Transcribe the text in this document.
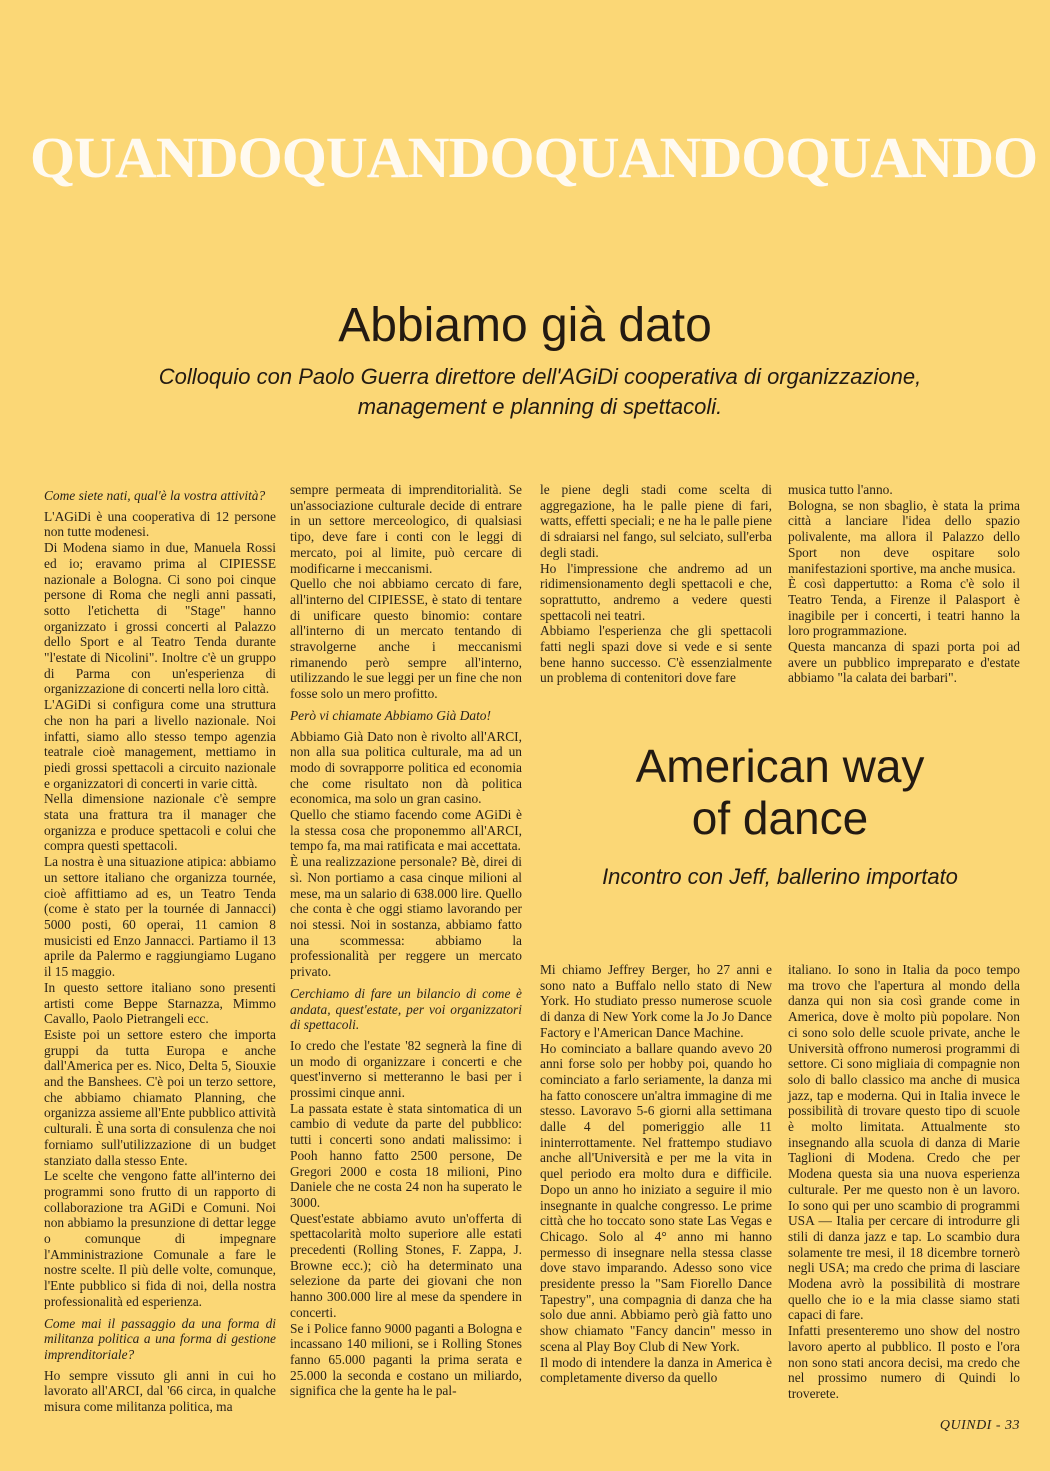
QUANDO QUANDO QUANDO QUANDO
Abbiamo già dato

Colloquio con Paolo Guerra direttore dell'AGiDi cooperativa di organizzazione, management e planning di spettacoli.

Come siete nati, qual'è la vostra attività?

L'AGiDi è una cooperativa di 12 persone non tutte modenesi.

Di Modena siamo in due, Manuela Rossi ed io; eravamo prima al CIPIESSE nazionale a Bologna. Ci sono poi cinque persone di Roma che negli anni passati, sotto l'etichetta di "Stage" hanno organizzato i grossi concerti al Palazzo dello Sport e al Teatro Tenda durante "l'estate di Nicolini". Inoltre c'è un gruppo di Parma con un'esperienza di organizzazione di concerti nella loro città.

L'AGiDi si configura come una struttura che non ha pari a livello nazionale. Noi infatti, siamo allo stesso tempo agenzia teatrale cioè management, mettiamo in piedi grossi spettacoli a circuito nazionale e organizzatori di concerti in varie città.

Nella dimensione nazionale c'è sempre stata una frattura tra il manager che organizza e produce spettacoli e colui che compra questi spettacoli.

La nostra è una situazione atipica: abbiamo un settore italiano che organizza tournée, cioè affittiamo ad es, un Teatro Tenda (come è stato per la tournée di Jannacci) 5000 posti, 60 operai, 11 camion 8 musicisti ed Enzo Jannacci. Partiamo il 13 aprile da Palermo e raggiungiamo Lugano il 15 maggio.

In questo settore italiano sono presenti artisti come Beppe Starnazza, Mimmo Cavallo, Paolo Pietrangeli ecc.

Esiste poi un settore estero che importa gruppi da tutta Europa e anche dall'America per es. Nico, Delta 5, Siouxie and the Banshees. C'è poi un terzo settore, che abbiamo chiamato Planning, che organizza assieme all'Ente pubblico attività culturali. È una sorta di consulenza che noi forniamo sull'utilizzazione di un budget stanziato dalla stesso Ente.

Le scelte che vengono fatte all'interno dei programmi sono frutto di un rapporto di collaborazione tra AGiDi e Comuni. Noi non abbiamo la presunzione di dettar legge o comunque di impegnare l'Amministrazione Comunale a fare le nostre scelte. Il più delle volte, comunque, l'Ente pubblico si fida di noi, della nostra professionalità ed esperienza.

Come mai il passaggio da una forma di militanza politica a una forma di gestione imprenditoriale?

Ho sempre vissuto gli anni in cui ho lavorato all'ARCI, dal '66 circa, in qualche misura come militanza politica, ma

sempre permeata di imprenditorialità. Se un'associazione culturale decide di entrare in un settore merceologico, di qualsiasi tipo, deve fare i conti con le leggi di mercato, poi al limite, può cercare di modificarne i meccanismi.

Quello che noi abbiamo cercato di fare, all'interno del CIPIESSE, è stato di tentare di unificare questo binomio: contare all'interno di un mercato tentando di stravolgerne anche i meccanismi rimanendo però sempre all'interno, utilizzando le sue leggi per un fine che non fosse solo un mero profitto.

Però vi chiamate Abbiamo Già Dato!

Abbiamo Già Dato non è rivolto all'ARCI, non alla sua politica culturale, ma ad un modo di sovrapporre politica ed economia che come risultato non dà politica economica, ma solo un gran casino.

Quello che stiamo facendo come AGiDi è la stessa cosa che proponemmo all'ARCI, tempo fa, ma mai ratificata e mai accettata.

È una realizzazione personale? Bè, direi di sì. Non portiamo a casa cinque milioni al mese, ma un salario di 638.000 lire. Quello che conta è che oggi stiamo lavorando per noi stessi. Noi in sostanza, abbiamo fatto una scommessa: abbiamo la professionalità per reggere un mercato privato.

Cerchiamo di fare un bilancio di come è andata, quest'estate, per voi organizzatori di spettacoli.

Io credo che l'estate '82 segnerà la fine di un modo di organizzare i concerti e che quest'inverno si metteranno le basi per i prossimi cinque anni.

La passata estate è stata sintomatica di un cambio di vedute da parte del pubblico: tutti i concerti sono andati malissimo: i Pooh hanno fatto 2500 persone, De Gregori 2000 e costa 18 milioni, Pino Daniele che ne costa 24 non ha superato le 3000.

Quest'estate abbiamo avuto un'offerta di spettacolarità molto superiore alle estati precedenti (Rolling Stones, F. Zappa, J. Browne ecc.); ciò ha determinato una selezione da parte dei giovani che non hanno 300.000 lire al mese da spendere in concerti.

Se i Police fanno 9000 paganti a Bologna e incassano 140 milioni, se i Rolling Stones fanno 65.000 paganti la prima serata e 25.000 la seconda e costano un miliardo, significa che la gente ha le pal-

le piene degli stadi come scelta di aggregazione, ha le palle piene di fari, watts, effetti speciali; e ne ha le palle piene di sdraiarsi nel fango, sul selciato, sull'erba degli stadi.

Ho l'impressione che andremo ad un ridimensionamento degli spettacoli e che, soprattutto, andremo a vedere questi spettacoli nei teatri.

Abbiamo l'esperienza che gli spettacoli fatti negli spazi dove si vede e si sente bene hanno successo. C'è essenzialmente un problema di contenitori dove fare

musica tutto l'anno.

Bologna, se non sbaglio, è stata la prima città a lanciare l'idea dello spazio polivalente, ma allora il Palazzo dello Sport non deve ospitare solo manifestazioni sportive, ma anche musica.

È così dappertutto: a Roma c'è solo il Teatro Tenda, a Firenze il Palasport è inagibile per i concerti, i teatri hanno la loro programmazione.

Questa mancanza di spazi porta poi ad avere un pubblico impreparato e d'estate abbiamo "la calata dei barbari".

American way
of dance

Incontro con Jeff, ballerino importato

Mi chiamo Jeffrey Berger, ho 27 anni e sono nato a Buffalo nello stato di New York. Ho studiato presso numerose scuole di danza di New York come la Jo Jo Dance Factory e l'American Dance Machine.

Ho cominciato a ballare quando avevo 20 anni forse solo per hobby poi, quando ho cominciato a farlo seriamente, la danza mi ha fatto conoscere un'altra immagine di me stesso. Lavoravo 5-6 giorni alla settimana dalle 4 del pomeriggio alle 11 ininterrottamente. Nel frattempo studiavo anche all'Università e per me la vita in quel periodo era molto dura e difficile. Dopo un anno ho iniziato a seguire il mio insegnante in qualche congresso. Le prime città che ho toccato sono state Las Vegas e Chicago. Solo al 4° anno mi hanno permesso di insegnare nella stessa classe dove stavo imparando. Adesso sono vice presidente presso la "Sam Fiorello Dance Tapestry", una compagnia di danza che ha solo due anni. Abbiamo però già fatto uno show chiamato "Fancy dancin" messo in scena al Play Boy Club di New York.

Il modo di intendere la danza in America è completamente diverso da quello

italiano. Io sono in Italia da poco tempo ma trovo che l'apertura al mondo della danza qui non sia così grande come in America, dove è molto più popolare. Non ci sono solo delle scuole private, anche le Università offrono numerosi programmi di settore. Ci sono migliaia di compagnie non solo di ballo classico ma anche di musica jazz, tap e moderna. Qui in Italia invece le possibilità di trovare questo tipo di scuole è molto limitata. Attualmente sto insegnando alla scuola di danza di Marie Taglioni di Modena. Credo che per Modena questa sia una nuova esperienza culturale. Per me questo non è un lavoro. Io sono qui per uno scambio di programmi USA — Italia per cercare di introdurre gli stili di danza jazz e tap. Lo scambio dura solamente tre mesi, il 18 dicembre tornerò negli USA; ma credo che prima di lasciare Modena avrò la possibilità di mostrare quello che io e la mia classe siamo stati capaci di fare.

Infatti presenteremo uno show del nostro lavoro aperto al pubblico. Il posto e l'ora non sono stati ancora decisi, ma credo che nel prossimo numero di Quindi lo troverete.

QUINDI - 33
